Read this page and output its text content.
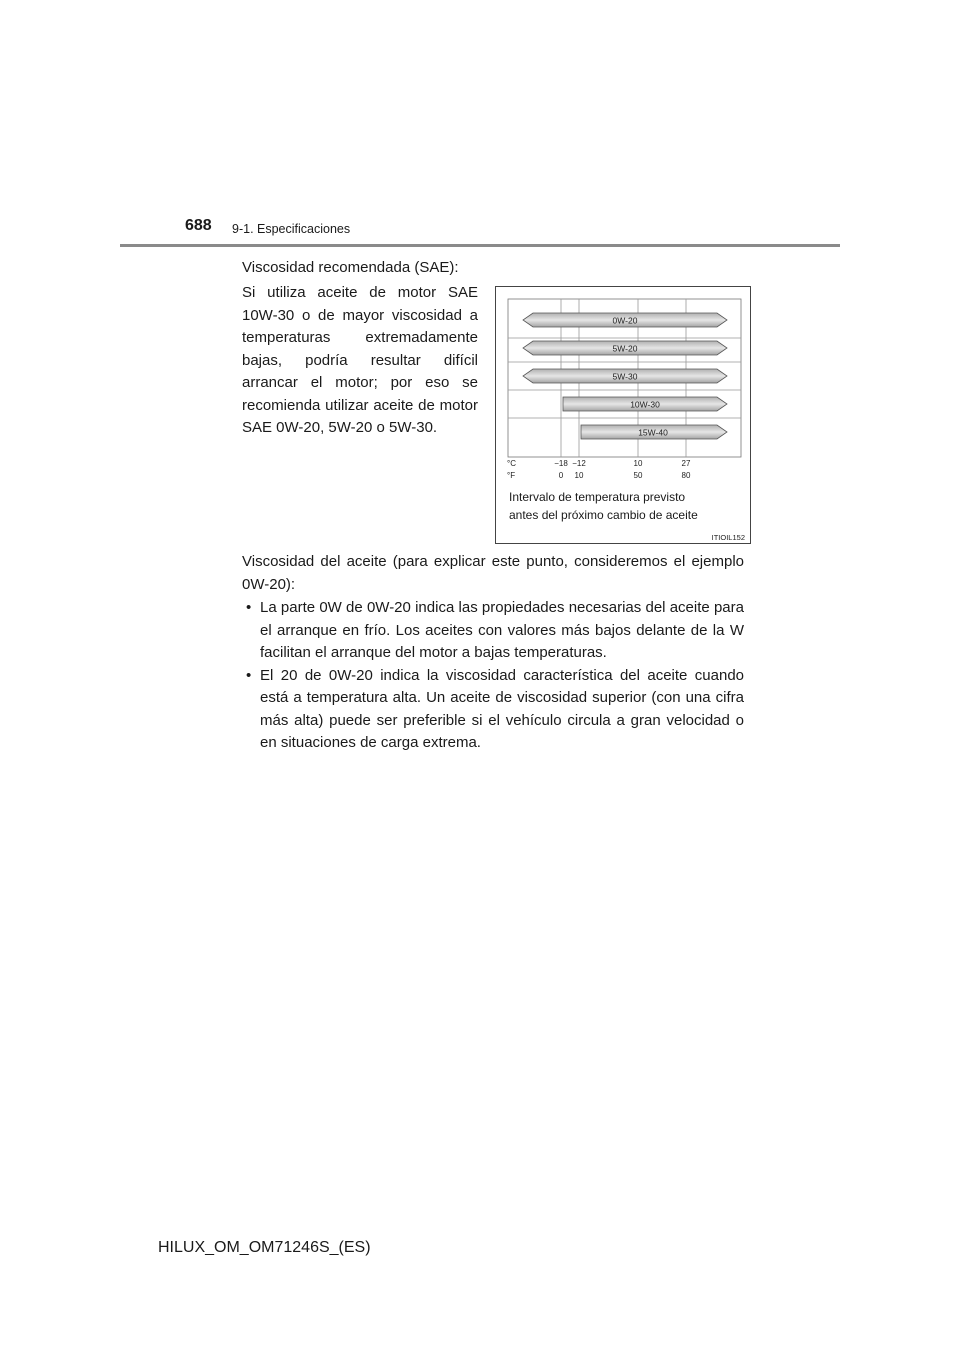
688 9-1. Especificaciones
Viscosidad recomendada (SAE):
Si utiliza aceite de motor SAE 10W-30 o de mayor viscosidad a temperaturas extremadamente bajas, podría resultar difícil arrancar el motor; por eso se recomienda utilizar aceite de motor SAE 0W-20, 5W-20 o 5W-30.
0W-20
5W-20
5W-30
10W-30
15W-40
°C
°F
−18 −12	10	27
0 10	50	80
Intervalo de temperatura previsto
antes del próximo cambio de aceite
ITIOIL152
Viscosidad del aceite (para explicar este punto, consideremos el ejemplo 0W-20):
• La parte 0W de 0W-20 indica las propiedades necesarias del aceite para el arranque en frío. Los aceites con valores más bajos delante de la W facilitan el arranque del motor a bajas temperaturas.
• El 20 de 0W-20 indica la viscosidad característica del aceite cuando está a temperatura alta. Un aceite de viscosidad superior (con una cifra más alta) puede ser preferible si el vehículo circula a gran velocidad o en situaciones de carga extrema.
HILUX_OM_OM71246S_(ES)
